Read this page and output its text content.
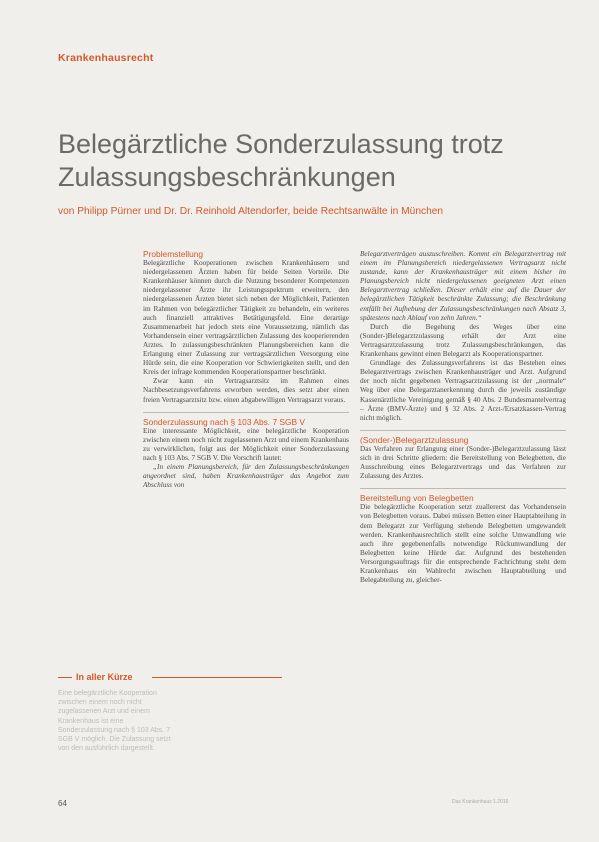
Krankenhausrecht
Belegärztliche Sonderzulassung trotz
Zulassungsbeschränkungen
von Philipp Pürner und Dr. Dr. Reinhold Altendorfer, beide Rechtsanwälte in München

Problemstellung

Belegärztliche Kooperationen zwischen Krankenhäusern und niedergelassenen Ärzten haben für beide Seiten Vorteile. Die Krankenhäuser können durch die Nutzung besonderer Kompetenzen niedergelassener Ärzte ihr Leistungsspektrum erweitern, den niedergelassenen Ärzten bietet sich neben der Möglichkeit, Patienten im Rahmen von belegärztlicher Tätigkeit zu behandeln, ein weiteres auch finanziell attraktives Betätigungsfeld. Eine derartige Zusammenarbeit hat jedoch stets eine Voraussetzung, nämlich das Vorhandensein einer vertragsärztlichen Zulassung des kooperierenden Arztes. In zulassungsbeschränkten Planungsbereichen kann die Erlangung einer Zulassung zur vertragsärztlichen Versorgung eine Hürde sein, die eine Kooperation vor Schwierigkeiten stellt, und den Kreis der infrage kommenden Kooperationspartner beschränkt.

Zwar kann ein Vertragsarztsitz im Rahmen eines Nachbesetzungsverfahrens erworben werden, dies setzt aber einen freien Vertragsarztsitz bzw. einen abgabewilligen Vertragsarzt voraus.

Sonderzulassung nach § 103 Abs. 7 SGB V

Eine interessante Möglichkeit, eine belegärztliche Kooperation zwischen einem noch nicht zugelassenen Arzt und einem Krankenhaus zu verwirklichen, folgt aus der Möglichkeit einer Sonderzulassung nach § 103 Abs. 7 SGB V. Die Vorschrift lautet:

„In einem Planungsbereich, für den Zulassungsbeschränkungen angeordnet sind, haben Krankenhausträger das Angebot zum Abschluss von

Belegarztverträgen auszuschreiben. Kommt ein Belegarztvertrag mit einem im Planungsbereich niedergelassenen Vertragsarzt nicht zustande, kann der Krankenhausträger mit einem bisher im Planungsbereich nicht niedergelassenen geeigneten Arzt einen Belegarztvertrag schließen. Dieser erhält eine auf die Dauer der belegärztlichen Tätigkeit beschränkte Zulassung; die Beschränkung entfällt bei Aufhebung der Zulassungsbeschränkungen nach Absatz 3, spätestens nach Ablauf von zehn Jahren.“

Durch die Begehung des Weges über eine (Sonder-)Belegarztzulassung erhält der Arzt eine Vertragsarztzulassung trotz Zulassungsbeschränkungen, das Krankenhaus gewinnt einen Belegarzt als Kooperationspartner.

Grundlage des Zulassungsverfahrens ist das Bestehen eines Belegarztvertrags zwischen Krankenhausträger und Arzt. Aufgrund der noch nicht gegebenen Vertragsarztzulassung ist der „normale“ Weg über eine Belegarztanerkennung durch die jeweils zuständige Kassenärztliche Vereinigung gemäß § 40 Abs. 2 Bundesmantelvertrag – Ärzte (BMV-Ärzte) und § 32 Abs. 2 Arzt-/Ersatzkassen-Vertrag nicht möglich.

(Sonder-)Belegarztzulassung

Das Verfahren zur Erlangung einer (Sonder-)Belegarztzulassung lässt sich in drei Schritte gliedern: die Bereitstellung von Belegbetten, die Ausschreibung eines Belegarztvertrags und das Verfahren zur Zulassung des Arztes.

Bereitstellung von Belegbetten

Die belegärztliche Kooperation setzt zuallererst das Vorhandensein von Belegbetten voraus. Dabei müssen Betten einer Hauptabteilung in dem Belegarzt zur Verfügung stehende Belegbetten umgewandelt werden. Krankenhausrechtlich stellt eine solche Umwandlung wie auch ihre gegebenenfalls notwendige Rückumwandlung der Belegbetten keine Hürde dar. Aufgrund des bestehenden Versorgungsauftrags für die entsprechende Fachrichtung steht dem Krankenhaus ein Wahlrecht zwischen Hauptabteilung und Belegabteilung zu, gleicher-

In aller Kürze
Eine belegärztliche Kooperation zwischen einem noch nicht zugelassenen Arzt und einem Krankenhaus ist eine Sonderzulassung nach § 103 Abs. 7 SGB V möglich. Die Zulassung setzt von den ausführlich dargestellt.
64	Das Krankenhaus 1.2016
